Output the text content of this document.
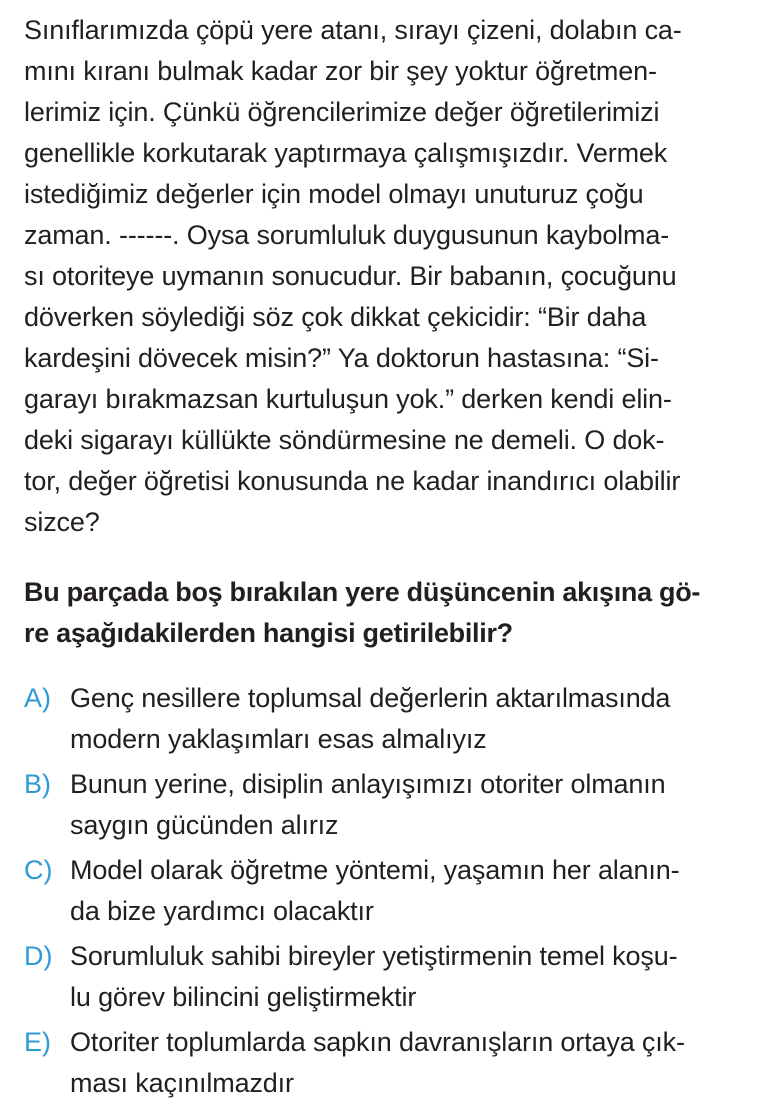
Sınıflarımızda çöpü yere atanı, sırayı çizeni, dolabın ca-
mını kıranı bulmak kadar zor bir şey yoktur öğretmen-
lerimiz için. Çünkü öğrencilerimize değer öğretilerimizi
genellikle korkutarak yaptırmaya çalışmışızdır. Vermek
istediğimiz değerler için model olmayı unuturuz çoğu
zaman. ------. Oysa sorumluluk duygusunun kaybolma-
sı otoriteye uymanın sonucudur. Bir babanın, çocuğunu
döverken söylediği söz çok dikkat çekicidir: “Bir daha
kardeşini dövecek misin?” Ya doktorun hastasına: “Si-
garayı bırakmazsan kurtuluşun yok.” derken kendi elin-
deki sigarayı küllükte söndürmesine ne demeli. O dok-
tor, değer öğretisi konusunda ne kadar inandırıcı olabilir
sizce?
Bu parçada boş bırakılan yere düşüncenin akışına gö-
re aşağıdakilerden hangisi getirilebilir?
A) Genç nesillere toplumsal değerlerin aktarılmasında
modern yaklaşımları esas almalıyız
B) Bunun yerine, disiplin anlayışımızı otoriter olmanın
saygın gücünden alırız
C) Model olarak öğretme yöntemi, yaşamın her alanın-
da bize yardımcı olacaktır
D) Sorumluluk sahibi bireyler yetiştirmenin temel koşu-
lu görev bilincini geliştirmektir
E) Otoriter toplumlarda sapkın davranışların ortaya çık-
ması kaçınılmazdır
